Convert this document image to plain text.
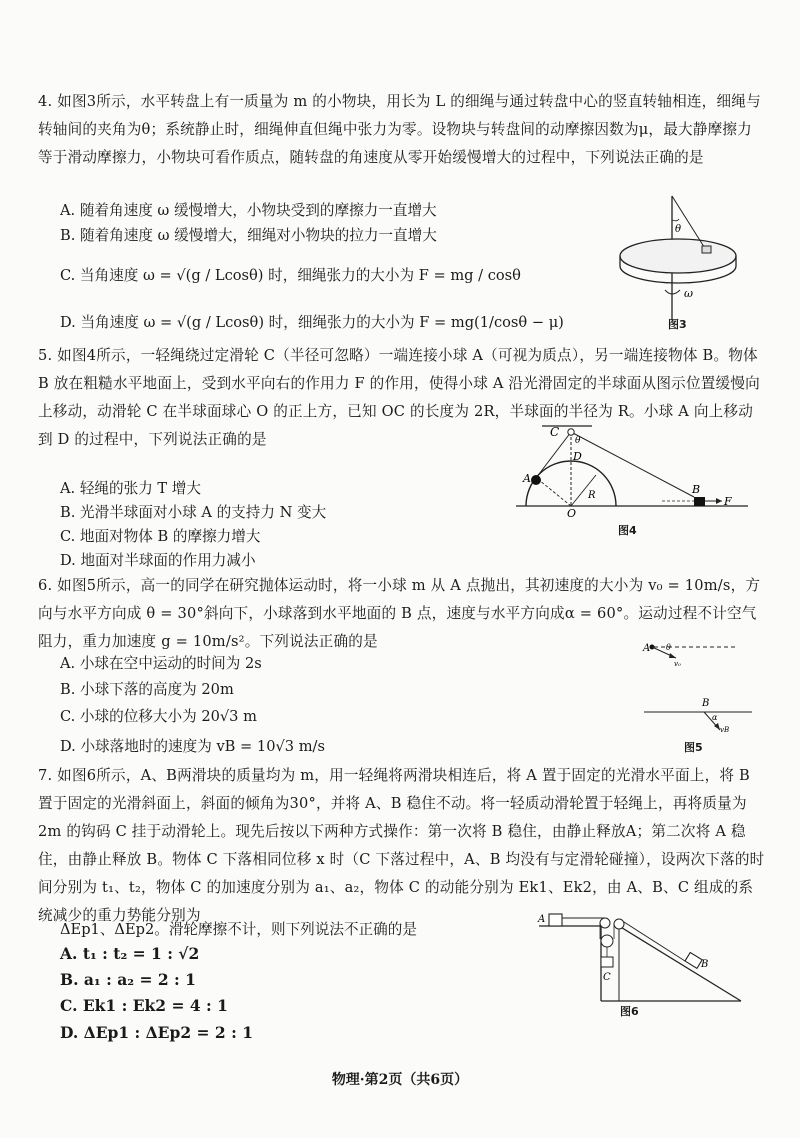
4. 如图3所示，水平转盘上有一质量为 m 的小物块，用长为 L 的细绳与通过转盘中心的竖直转轴相连，细绳与转轴间的夹角为θ；系统静止时，细绳伸直但绳中张力为零。设物块与转盘间的动摩擦因数为μ，最大静摩擦力等于滑动摩擦力，小物块可看作质点，随转盘的角速度从零开始缓慢增大的过程中，下列说法正确的是

A. 随着角速度 ω 缓慢增大，小物块受到的摩擦力一直增大
B. 随着角速度 ω 缓慢增大，细绳对小物块的拉力一直增大
C. 当角速度 ω = √(g / Lcosθ) 时，细绳张力的大小为 F = mg / cosθ
D. 当角速度 ω = √(g / Lcosθ) 时，细绳张力的大小为 F = mg(1/cosθ − μ)
θ
ω
图3

5. 如图4所示，一轻绳绕过定滑轮 C（半径可忽略）一端连接小球 A（可视为质点），另一端连接物体 B。物体 B 放在粗糙水平地面上，受到水平向右的作用力 F 的作用，使得小球 A 沿光滑固定的半球面从图示位置缓慢向上移动，动滑轮 C 在半球面球心 O 的正上方，已知 OC 的长度为 2R，半球面的半径为 R。小球 A 向上移动到 D 的过程中，下列说法正确的是

A. 轻绳的张力 T 增大
B. 光滑半球面对小球 A 的支持力 N 变大
C. 地面对物体 B 的摩擦力增大
D. 地面对半球面的作用力减小
C
θ
D
A
R
O
B
F
图4

6. 如图5所示，高一的同学在研究抛体运动时，将一小球 m 从 A 点抛出，其初速度的大小为 v₀ = 10m/s，方向与水平方向成 θ = 30°斜向下，小球落到水平地面的 B 点，速度与水平方向成α = 60°。运动过程不计空气阻力，重力加速度 g = 10m/s²。下列说法正确的是

A. 小球在空中运动的时间为 2s
B. 小球下落的高度为 20m
C. 小球的位移大小为 20√3 m
D. 小球落地时的速度为 vB = 10√3 m/s
A θ
v₀
B
α
vB
图5

7. 如图6所示，A、B两滑块的质量均为 m，用一轻绳将两滑块相连后，将 A 置于固定的光滑水平面上，将 B 置于固定的光滑斜面上，斜面的倾角为30°，并将 A、B 稳住不动。将一轻质动滑轮置于轻绳上，再将质量为 2m 的钩码 C 挂于动滑轮上。现先后按以下两种方式操作：第一次将 B 稳住，由静止释放A；第二次将 A 稳住，由静止释放 B。物体 C 下落相同位移 x 时（C 下落过程中，A、B 均没有与定滑轮碰撞），设两次下落的时间分别为 t₁、t₂，物体 C 的加速度分别为 a₁、a₂，物体 C 的动能分别为 Ek1、Ek2，由 A、B、C 组成的系统减少的重力势能分别为

ΔEp1、ΔEp2。滑轮摩擦不计，则下列说法不正确的是
A. t₁ : t₂ = 1 : √2
B. a₁ : a₂ = 2 : 1
C. Ek1 : Ek2 = 4 : 1
D. ΔEp1 : ΔEp2 = 2 : 1
A
C
B
图6
物理·第2页（共6页）
